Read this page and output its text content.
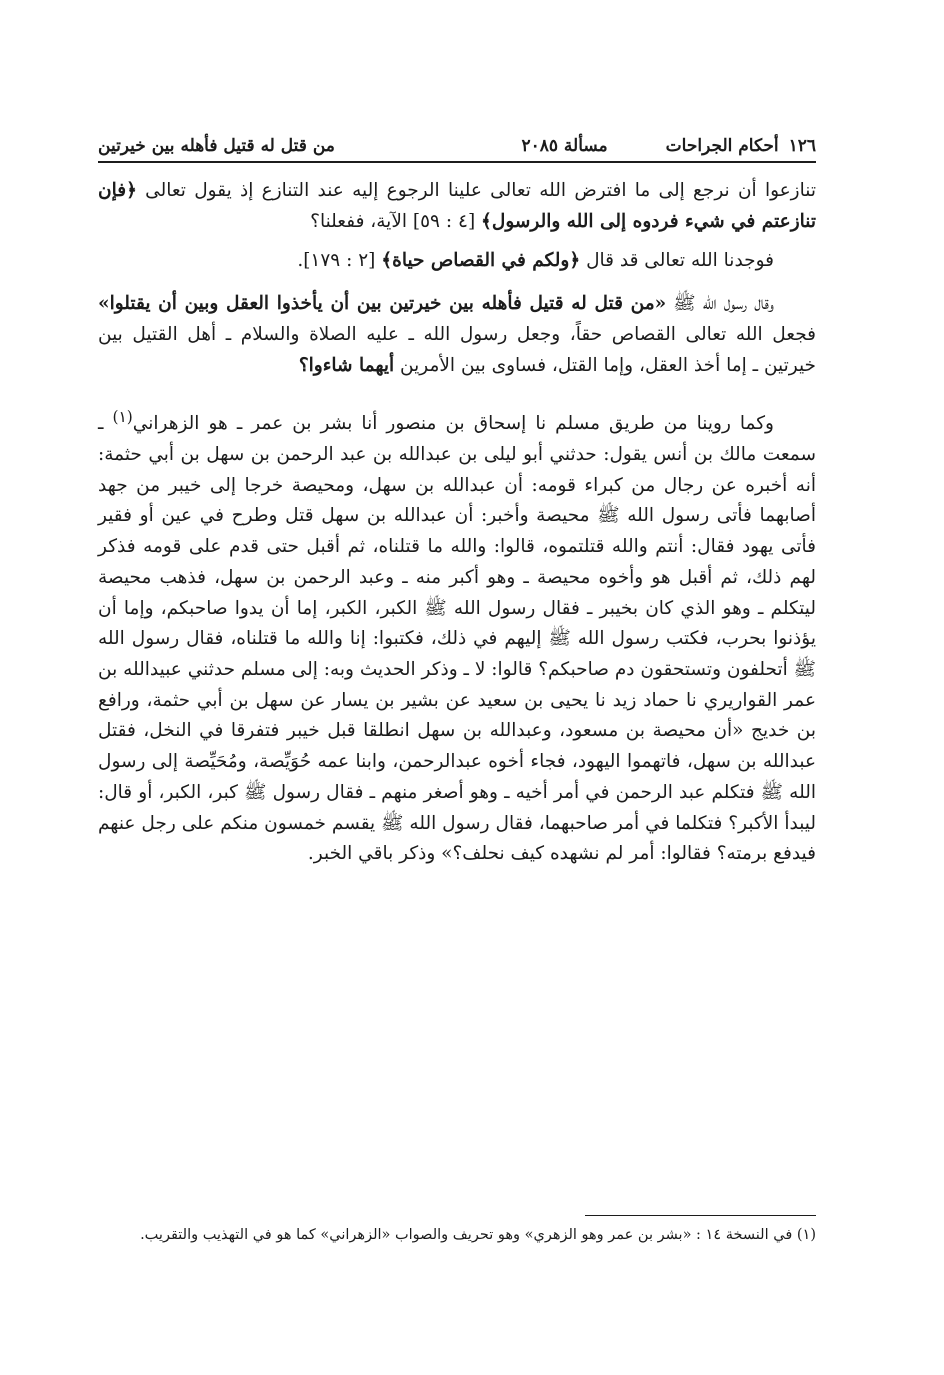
١٢٦
أحكام الجراحات
مسألة ٢٠٨٥
من قتل له قتيل فأهله بين خيرتين

تنازعوا أن نرجع إلى ما افترض الله تعالى علينا الرجوع إليه عند التنازع إذ يقول تعالى ﴿فإن تنازعتم في شيء فردوه إلى الله والرسول﴾ [٤ : ٥٩] الآية، ففعلنا؟

فوجدنا الله تعالى قد قال ﴿ولكم في القصاص حياة﴾ [٢ : ١٧٩].

وقال رسول الله ﷺ «من قتل له قتيل فأهله بين خيرتين بين أن يأخذوا العقل وبين أن يقتلوا» فجعل الله تعالى القصاص حقاً، وجعل رسول الله ـ عليه الصلاة والسلام ـ أهل القتيل بين خيرتين ـ إما أخذ العقل، وإما القتل، فساوى بين الأمرين أيهما شاءوا؟

وكما روينا من طريق مسلم نا إسحاق بن منصور أنا بشر بن عمر ـ هو الزهراني$^{(١)}$ ـ سمعت مالك بن أنس يقول: حدثني أبو ليلى بن عبدالله بن عبد الرحمن بن سهل بن أبي حثمة: أنه أخبره عن رجال من كبراء قومه: أن عبدالله بن سهل، ومحيصة خرجا إلى خيبر من جهد أصابهما فأتى رسول الله ﷺ محيصة وأخبر: أن عبدالله بن سهل قتل وطرح في عين أو فقير فأتى يهود فقال: أنتم والله قتلتموه، قالوا: والله ما قتلناه، ثم أقبل حتى قدم على قومه فذكر لهم ذلك، ثم أقبل هو وأخوه محيصة ـ وهو أكبر منه ـ وعبد الرحمن بن سهل، فذهب محيصة ليتكلم ـ وهو الذي كان بخيبر ـ فقال رسول الله ﷺ الكبر، الكبر، إما أن يدوا صاحبكم، وإما أن يؤذنوا بحرب، فكتب رسول الله ﷺ إليهم في ذلك، فكتبوا: إنا والله ما قتلناه، فقال رسول الله ﷺ أتحلفون وتستحقون دم صاحبكم؟ قالوا: لا ـ وذكر الحديث وبه: إلى مسلم حدثني عبيدالله بن عمر القواريري نا حماد زيد نا يحيى بن سعيد عن بشير بن يسار عن سهل بن أبي حثمة، ورافع بن خديج «أن محيصة بن مسعود، وعبدالله بن سهل انطلقا قبل خيبر فتفرقا في النخل، فقتل عبدالله بن سهل، فاتهموا اليهود، فجاء أخوه عبدالرحمن، وابنا عمه حُوَيِّصة، ومُحَيِّصة إلى رسول الله ﷺ فتكلم عبد الرحمن في أمر أخيه ـ وهو أصغر منهم ـ فقال رسول ﷺ كبر، الكبر، أو قال: ليبدأ الأكبر؟ فتكلما في أمر صاحبهما، فقال رسول الله ﷺ يقسم خمسون منكم على رجل عنهم فيدفع برمته؟ فقالوا: أمر لم نشهده كيف نحلف؟» وذكر باقي الخبر.

(١) في النسخة ١٤ : «بشر بن عمر وهو الزهري» وهو تحريف والصواب «الزهراني» كما هو في التهذيب والتقريب.
